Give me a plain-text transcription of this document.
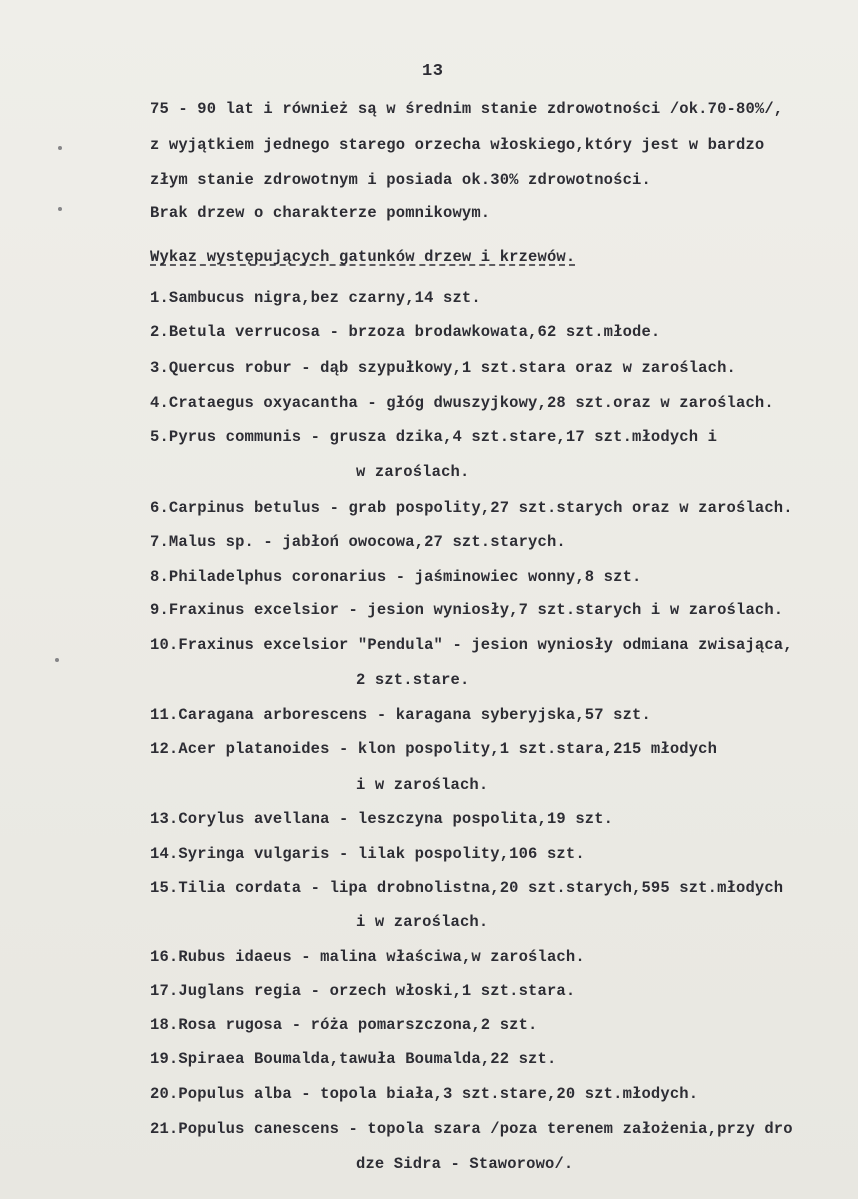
13
75 - 90 lat i również są w średnim stanie zdrowotności /ok.70-80%/,
z wyjątkiem jednego starego orzecha włoskiego,który jest w bardzo
złym stanie zdrowotnym i posiada ok.30% zdrowotności.
Brak drzew o charakterze pomnikowym.
Wykaz występujących gatunków drzew i krzewów.
1.Sambucus nigra,bez czarny,14 szt.
2.Betula verrucosa - brzoza brodawkowata,62 szt.młode.
3.Quercus robur - dąb szypułkowy,1 szt.stara oraz w zaroślach.
4.Crataegus oxyacantha - głóg dwuszyjkowy,28 szt.oraz w zaroślach.
5.Pyrus communis - grusza dzika,4 szt.stare,17 szt.młodych i
w zaroślach.
6.Carpinus betulus - grab pospolity,27 szt.starych oraz w zaroślach.
7.Malus sp. - jabłoń owocowa,27 szt.starych.
8.Philadelphus coronarius - jaśminowiec wonny,8 szt.
9.Fraxinus excelsior - jesion wyniosły,7 szt.starych i w zaroślach.
10.Fraxinus excelsior "Pendula" - jesion wyniosły odmiana zwisająca,
2 szt.stare.
11.Caragana arborescens - karagana syberyjska,57 szt.
12.Acer platanoides - klon pospolity,1 szt.stara,215 młodych
i w zaroślach.
13.Corylus avellana - leszczyna pospolita,19 szt.
14.Syringa vulgaris - lilak pospolity,106 szt.
15.Tilia cordata - lipa drobnolistna,20 szt.starych,595 szt.młodych
i w zaroślach.
16.Rubus idaeus - malina właściwa,w zaroślach.
17.Juglans regia - orzech włoski,1 szt.stara.
18.Rosa rugosa - róża pomarszczona,2 szt.
19.Spiraea Boumalda,tawuła Boumalda,22 szt.
20.Populus alba - topola biała,3 szt.stare,20 szt.młodych.
21.Populus canescens - topola szara /poza terenem założenia,przy dro
dze Sidra - Staworowo/.
